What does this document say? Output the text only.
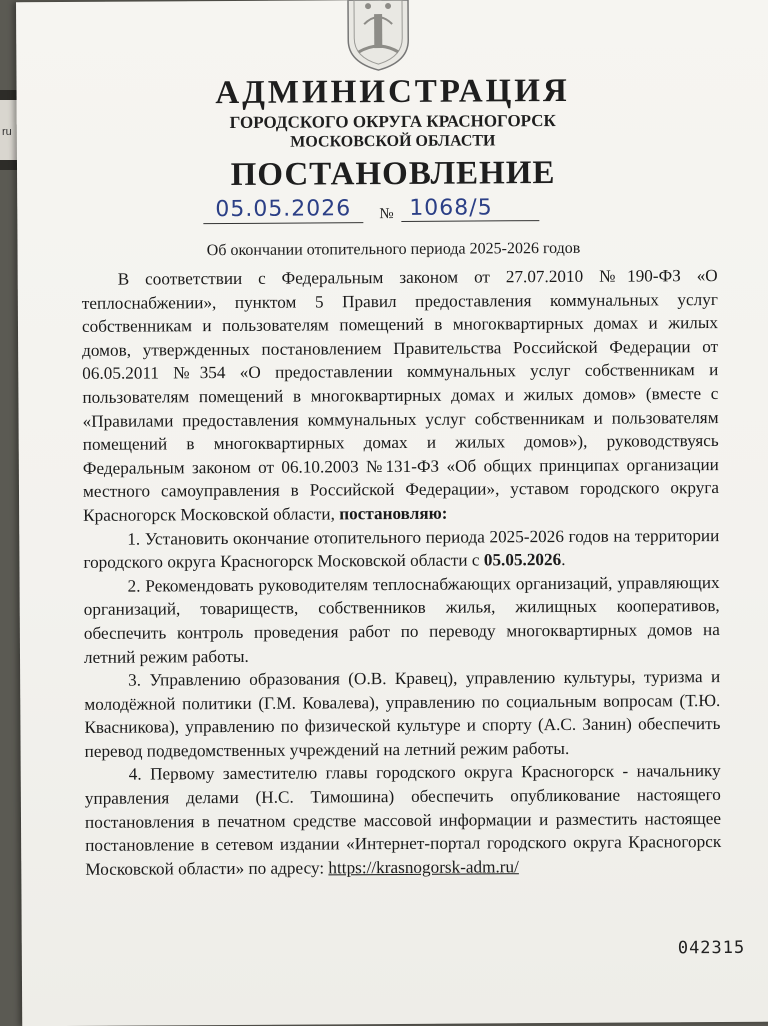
ru
АДМИНИСТРАЦИЯ
ГОРОДСКОГО ОКРУГА КРАСНОГОРСК
МОСКОВСКОЙ ОБЛАСТИ
ПОСТАНОВЛЕНИЕ
05.05.2026	№ 1068/5
Об окончании отопительного периода 2025-2026 годов

В соответствии с Федеральным законом от 27.07.2010 №190-ФЗ «О теплоснабжении», пунктом 5 Правил предоставления коммунальных услуг собственникам и пользователям помещений в многоквартирных домах и жилых домов, утвержденных постановлением Правительства Российской Федерации от 06.05.2011 №354 «О предоставлении коммунальных услуг собственникам и пользователям помещений в многоквартирных домах и жилых домов» (вместе с «Правилами предоставления коммунальных услуг собственникам и пользователям помещений в многоквартирных домах и жилых домов»), руководствуясь Федеральным законом от 06.10.2003 №131-ФЗ «Об общих принципах организации местного самоуправления в Российской Федерации», уставом городского округа Красногорск Московской области, постановляю:

1. Установить окончание отопительного периода 2025-2026 годов на территории городского округа Красногорск Московской области с 05.05.2026.

2. Рекомендовать руководителям теплоснабжающих организаций, управляющих организаций, товариществ, собственников жилья, жилищных кооперативов, обеспечить контроль проведения работ по переводу многоквартирных домов на летний режим работы.

3. Управлению образования (О.В. Кравец), управлению культуры, туризма и молодёжной политики (Г.М. Ковалева), управлению по социальным вопросам (Т.Ю. Квасникова), управлению по физической культуре и спорту (А.С. Занин) обеспечить перевод подведомственных учреждений на летний режим работы.

4. Первому заместителю главы городского округа Красногорск - начальнику управления делами (Н.С. Тимошина) обеспечить опубликование настоящего постановления в печатном средстве массовой информации и разместить настоящее постановление в сетевом издании «Интернет-портал городского округа Красногорск Московской области» по адресу: https://krasnogorsk-adm.ru/

042315
